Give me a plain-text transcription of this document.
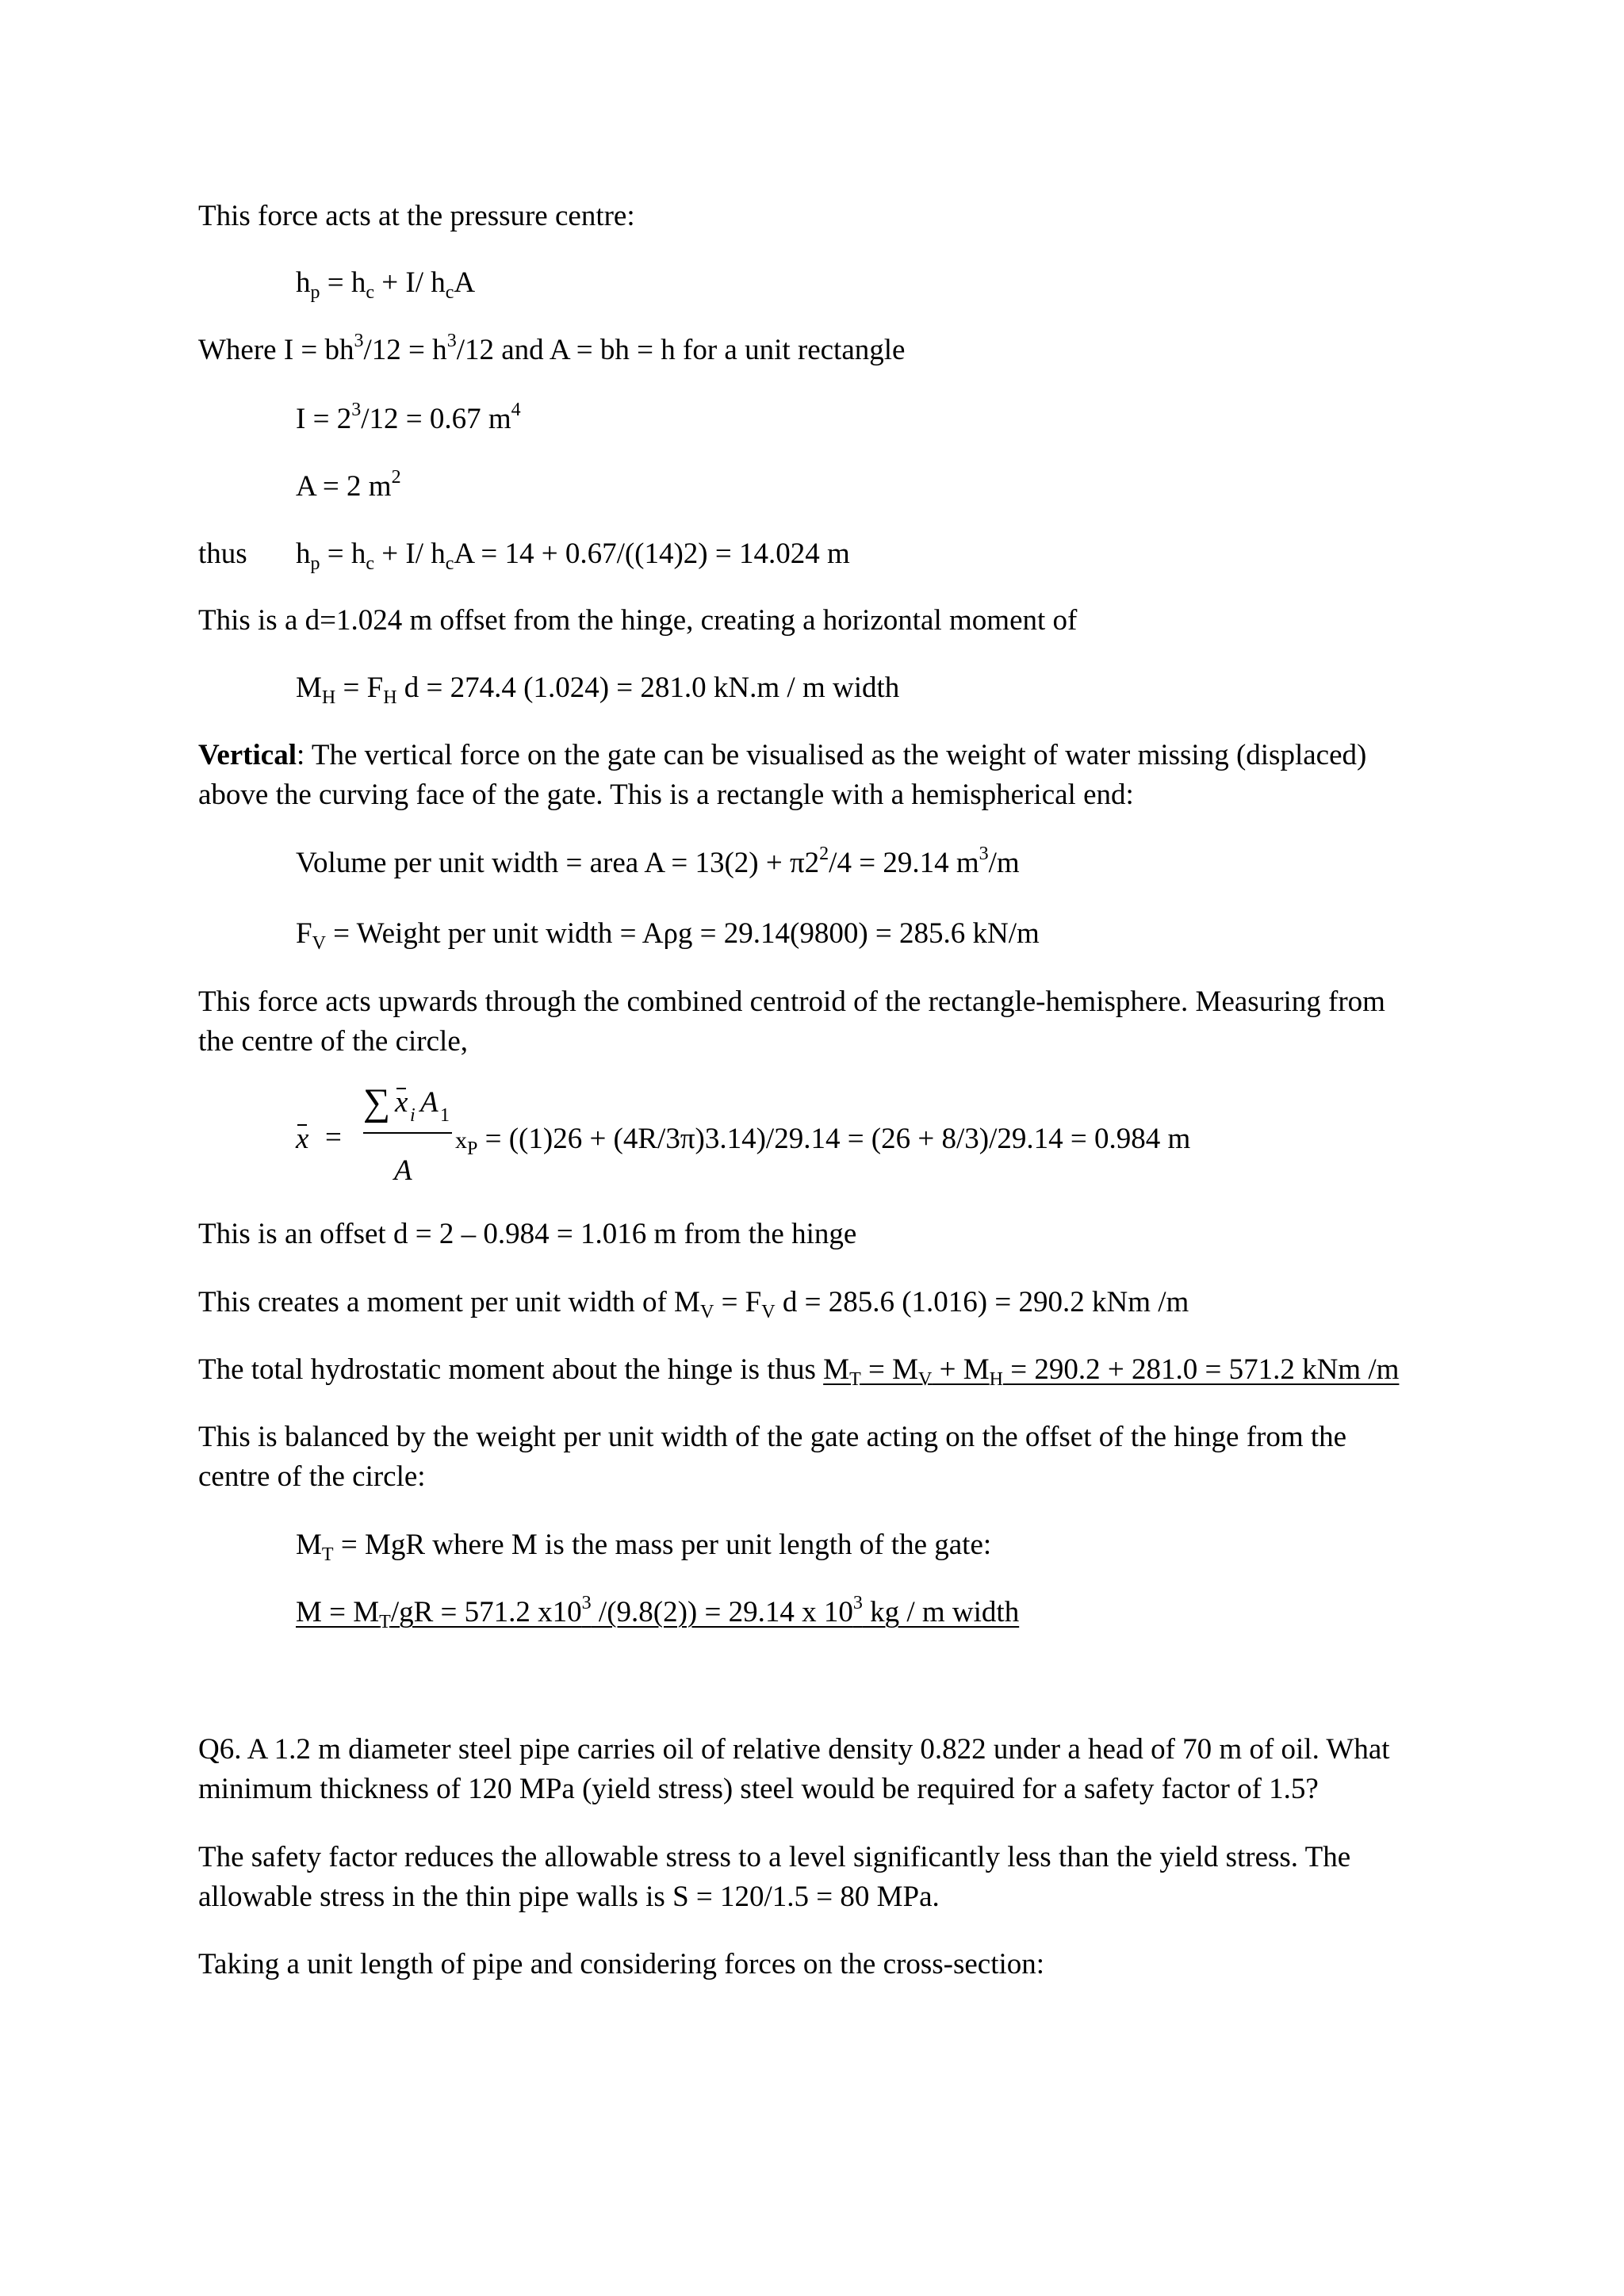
This force acts at the pressure centre:
$h_p = h_c + I/$ $h_cA$
Where $I = bh^3/12 = h^3/12$ and A = bh = h for a unit rectangle
$I = 2^3/12 = 0.67$ $m^4$
A = 2 $m^2$
thus $h_p = h_c + I/$ $h_cA = 14 + 0.67/((14)2) = 14.024$ m
This is a d=1.024 m offset from the hinge, creating a horizontal moment of
$M_H = F_H$ d = 274.4 (1.024) = 281.0 kN.m / m width
Vertical: The vertical force on the gate can be visualised as the weight of water missing (displaced)
above the curving face of the gate. This is a rectangle with a hemispherical end:
Volume per unit width = area $A = 13(2) + \pi 2^2/4 = 29.14$ $m^3/m$
$F_V$ = Weight per unit width = Aρg = 29.14(9800) = 285.6 kN/m
This force acts upwards through the combined centroid of the rectangle-hemisphere. Measuring from
the centre of the circle,
x =
∑ x i A 1
A
$x_P = ((1)26 + (4R/3\pi)3.14)/29.14 = (26 + 8/3)/29.14 = 0.984$ m
This is an offset d = 2 – 0.984 = 1.016 m from the hinge
This creates a moment per unit width of $M_V = F_V$ d = 285.6 (1.016) = 290.2 kNm /m
The total hydrostatic moment about the hinge is thus $M_T = M_V + M_H = 290.2 + 281.0 = 571.2$ kNm /m
This is balanced by the weight per unit width of the gate acting on the offset of the hinge from the
centre of the circle:
$M_T$ = MgR where M is the mass per unit length of the gate:
$M = M_T/gR = 571.2$ $x10^3$ /(9.8(2)) = 29.14 x $10^3$ kg / m width
Q6. A 1.2 m diameter steel pipe carries oil of relative density 0.822 under a head of 70 m of oil. What
minimum thickness of 120 MPa (yield stress) steel would be required for a safety factor of 1.5?
The safety factor reduces the allowable stress to a level significantly less than the yield stress. The
allowable stress in the thin pipe walls is S = 120/1.5 = 80 MPa.
Taking a unit length of pipe and considering forces on the cross-section:
